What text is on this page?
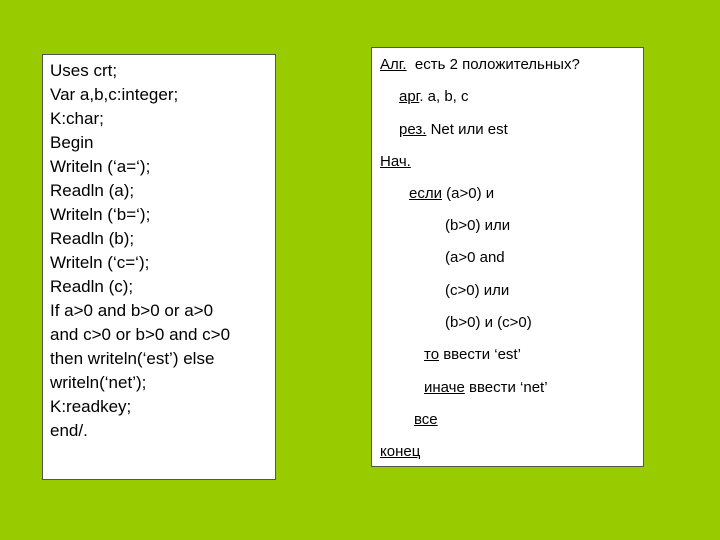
Uses crt;
Var a,b,c:integer;
K:char;
Begin
Writeln (‘a=‘);
Readln (a);
Writeln (‘b=‘);
Readln (b);
Writeln (‘c=‘);
Readln (c);
If a>0 and b>0 or a>0
and c>0 or b>0 and c>0
then writeln(‘est’) else
writeln(‘net’);
K:readkey;
end/.
Алг.  есть 2 положительных?
арг. a, b, c
рез. Net или est
Нач.
если (a>0) и
(b>0) или
(a>0 and
(c>0) или
(b>0) и (c>0)
то ввести ‘est’
иначе ввести ‘net’
все
конец
